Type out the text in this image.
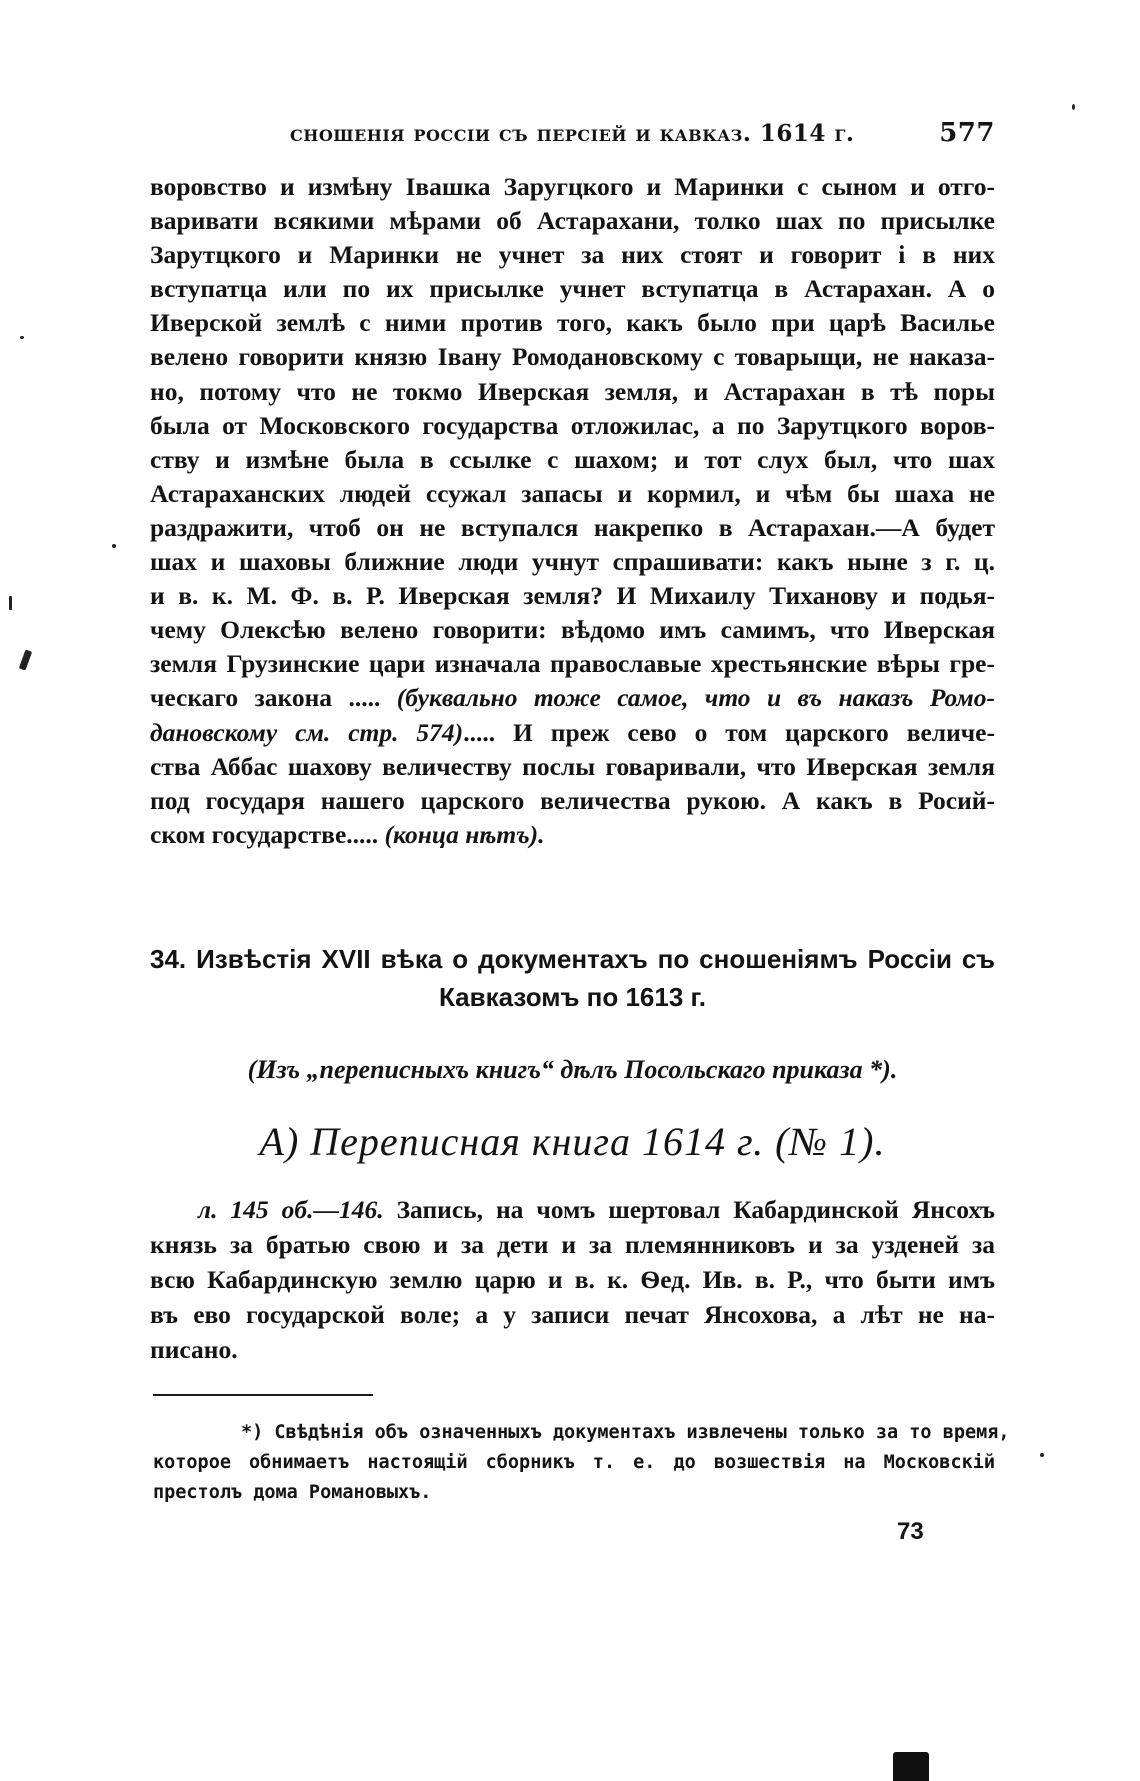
сношенія россіи съ персіей и кавказ. 1614 г.	577
воровство и измѣну Івашка Заругцкого и Маринки с сыном и отго-
варивати всякими мѣрами об Астарахани, толко шах по присылке
Зарутцкого и Маринки не учнет за них стоят и говорит і в них
вступатца или по их присылке учнет вступатца в Астарахан. А о
Иверской землѣ с ними против того, какъ было при царѣ Василье
велено говорити князю Івану Ромодановскому с товарыщи, не наказа-
но, потому что не токмо Иверская земля, и Астарахан в тѣ поры
была от Московского государства отложилас, а по Зарутцкого воров-
ству и измѣне была в ссылке с шахом; и тот слух был, что шах
Астараханских людей ссужал запасы и кормил, и чѣм бы шаха не
раздражити, чтоб он не вступался накрепко в Астарахан.—А будет
шах и шаховы ближние люди учнут спрашивати: какъ ныне з г. ц.
и в. к. М. Ф. в. Р. Иверская земля? И Михаилу Тиханову и подья-
чему Олексѣю велено говорити: вѣдомо имъ самимъ, что Иверская
земля Грузинские цари изначала православые хрестьянские вѣры гре-
ческаго закона ..... (буквально тоже самое, что и въ наказъ Ромо-
дановскому см. стр. 574)..... И преж сево о том царского величе-
ства Аббас шахову величеству послы говаривали, что Иверская земля
под государя нашего царского величества рукою. А какъ в Росий-
ском государстве..... (конца нѣтъ).
34. Извѣстія XVII вѣка о документахъ по сношеніямъ Россіи съ
Кавказомъ по 1613 г.
(Изъ „переписныхъ книгъ“ дѣлъ Посольскаго приказа *).
A) Переписная книга 1614 г. (№ 1).
л. 145 об.—146. Запись, на чомъ шертовал Кабардинской Янсохъ
князь за братью свою и за дети и за племянниковъ и за узденей за
всю Кабардинскую землю царю и в. к. Ѳед. Ив. в. Р., что быти имъ
въ ево государской воле; а у записи печат Янсохова, а лѣт не на-
писано.
*) Свѣдѣнія объ означенныхъ документахъ извлечены только за то время,
которое обнимаетъ настоящій сборникъ т. е. до возшествія на Московскій
престолъ дома Романовыхъ.
73
